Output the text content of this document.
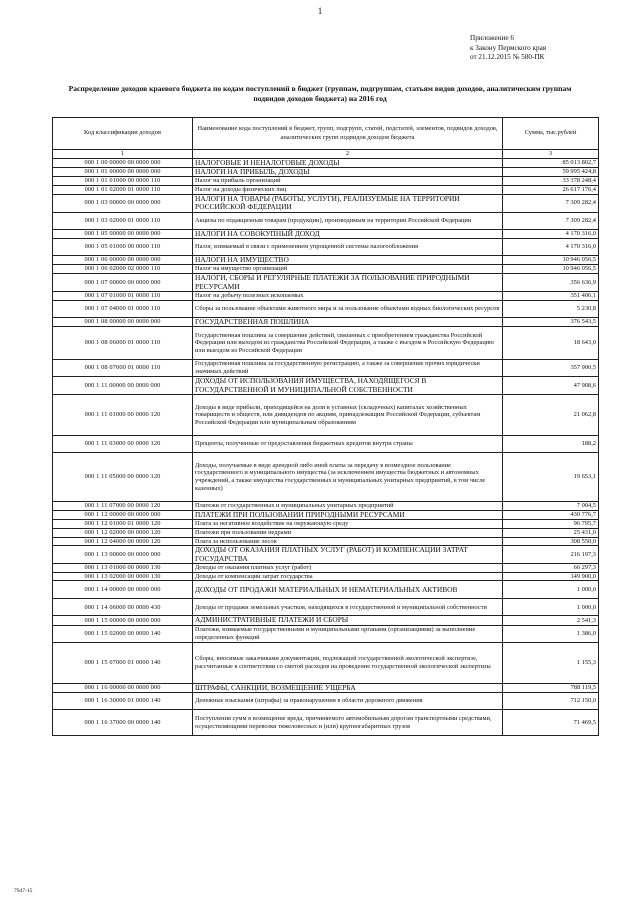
1
Приложение 6
к Закону Пермского края
от 21.12.2015 № 580-ПК
Распределение доходов краевого бюджета по кодам поступлений в бюджет (группам, подгруппам, статьям видов доходов, аналитическим группам подвидов доходов бюджета) на 2016 год
Код классификации доходов	Наименование кода поступлений в бюджет, групп, подгрупп, статей, подстатей, элементов, подвидов доходов, аналитических групп подвидов доходов бюджета	Сумма, тыс.рублей
1	2	3
000 1 00 00000 00 0000 000	НАЛОГОВЫЕ И НЕНАЛОГОВЫЕ ДОХОДЫ	85 013 802,7
000 1 01 00000 00 0000 000	НАЛОГИ НА ПРИБЫЛЬ, ДОХОДЫ	59 995 424,8
000 1 01 01000 00 0000 110	Налог на прибыль организаций	33 378 248,4
000 1 01 02000 01 0000 110	Налог на доходы физических лиц	26 617 176,4
000 1 03 00000 00 0000 000	НАЛОГИ НА ТОВАРЫ (РАБОТЫ, УСЛУГИ), РЕАЛИЗУЕМЫЕ НА ТЕРРИТОРИИ РОССИЙСКОЙ ФЕДЕРАЦИИ	7 309 282,4
000 1 03 02000 01 0000 110	Акцизы по подакцизным товарам (продукции), производимым на территории Российской Федерации	7 309 282,4
000 1 05 00000 00 0000 000	НАЛОГИ НА СОВОКУПНЫЙ ДОХОД	4 170 316,0
000 1 05 01000 00 0000 110	Налог, взимаемый в связи с применением упрощенной системы налогообложения	4 170 316,0
000 1 06 00000 00 0000 000	НАЛОГИ НА ИМУЩЕСТВО	10 946 056,5
000 1 06 02000 02 0000 110	Налог на имущество организаций	10 946 056,5
000 1 07 00000 00 0000 000	НАЛОГИ, СБОРЫ И РЕГУЛЯРНЫЕ ПЛАТЕЖИ ЗА ПОЛЬЗОВАНИЕ ПРИРОДНЫМИ РЕСУРСАМИ	356 636,9
000 1 07 01000 01 0000 110	Налог на добычу полезных ископаемых	351 406,1
000 1 07 04000 01 0000 110	Сборы за пользование объектами животного мира и за пользование объектами водных биологических ресурсов	5 230,8
000 1 08 00000 00 0000 000	ГОСУДАРСТВЕННАЯ ПОШЛИНА	376 543,5
000 1 08 06000 01 0000 110	Государственная пошлина за совершение действий, связанных с приобретением гражданства Российской Федерации или выходом из гражданства Российской Федерации, а также с въездом в Российскую Федерацию или выездом из Российской Федерации	18 643,0
000 1 08 07000 01 0000 110	Государственная пошлина за государственную регистрацию, а также за совершение прочих юридически значимых действий	357 900,5
000 1 11 00000 00 0000 000	ДОХОДЫ ОТ ИСПОЛЬЗОВАНИЯ ИМУЩЕСТВА, НАХОДЯЩЕГОСЯ В ГОСУДАРСТВЕННОЙ И МУНИЦИПАЛЬНОЙ СОБСТВЕННОСТИ	47 908,6
000 1 11 01000 00 0000 120	Доходы в виде прибыли, приходящейся на доли в уставных (складочных) капиталах хозяйственных товариществ и обществ, или дивидендов по акциям, принадлежащим Российской Федерации, субъектам Российской Федерации или муниципальным образованиям	21 062,8
000 1 11 03000 00 0000 120	Проценты, полученные от предоставления бюджетных кредитов внутри страны	188,2
000 1 11 05000 00 0000 120	Доходы, получаемые в виде арендной либо иной платы за передачу в возмездное пользование государственного и муниципального имущества (за исключением имущества бюджетных и автономных учреждений, а также имущества государственных и муниципальных унитарных предприятий, в том числе казенных)	19 653,1
000 1 11 07000 00 0000 120	Платежи от государственных и муниципальных унитарных предприятий	7 004,5
000 1 12 00000 00 0000 000	ПЛАТЕЖИ ПРИ ПОЛЬЗОВАНИИ ПРИРОДНЫМИ РЕСУРСАМИ	430 776,7
000 1 12 01000 01 0000 120	Плата за негативное воздействие на окружающую среду	96 795,7
000 1 12 02000 00 0000 120	Платежи при пользовании недрами	25 431,0
000 1 12 04000 00 0000 120	Плата за использование лесов	308 550,0
000 1 13 00000 00 0000 000	ДОХОДЫ ОТ ОКАЗАНИЯ ПЛАТНЫХ УСЛУГ (РАБОТ) И КОМПЕНСАЦИИ ЗАТРАТ ГОСУДАРСТВА	216 197,3
000 1 13 01000 00 0000 130	Доходы от оказания платных услуг (работ)	66 297,3
000 1 13 02000 00 0000 130	Доходы от компенсации затрат государства	149 900,0
000 1 14 00000 00 0000 000	ДОХОДЫ ОТ ПРОДАЖИ МАТЕРИАЛЬНЫХ И НЕМАТЕРИАЛЬНЫХ АКТИВОВ	1 000,0
000 1 14 06000 00 0000 430	Доходы от продажи земельных участков, находящихся в государственной и муниципальной собственности	1 000,0
000 1 15 00000 00 0000 000	АДМИНИСТРАТИВНЫЕ ПЛАТЕЖИ И СБОРЫ	2 541,3
000 1 15 02000 00 0000 140	Платежи, взимаемые государственными и муниципальными органами (организациями) за выполнение определенных функций	1 386,0
000 1 15 07000 01 0000 140	Сборы, вносимые заказчиками документации, подлежащей государственной экологической экспертизе, рассчитанные в соответствии со сметой расходов на проведение государственной экологической экспертизы	1 155,3
000 1 16 00000 00 0000 000	ШТРАФЫ, САНКЦИИ, ВОЗМЕЩЕНИЕ УЩЕРБА	788 119,5
000 1 16 30000 01 0000 140	Денежные взыскания (штрафы) за правонарушения в области дорожного движения	712 150,0
000 1 16 37000 00 0000 140	Поступления сумм в возмещение вреда, причиняемого автомобильным дорогам транспортными средствами, осуществляющими перевозки тяжеловесных и (или) крупногабаритных грузов	71 469,5
7947-15
